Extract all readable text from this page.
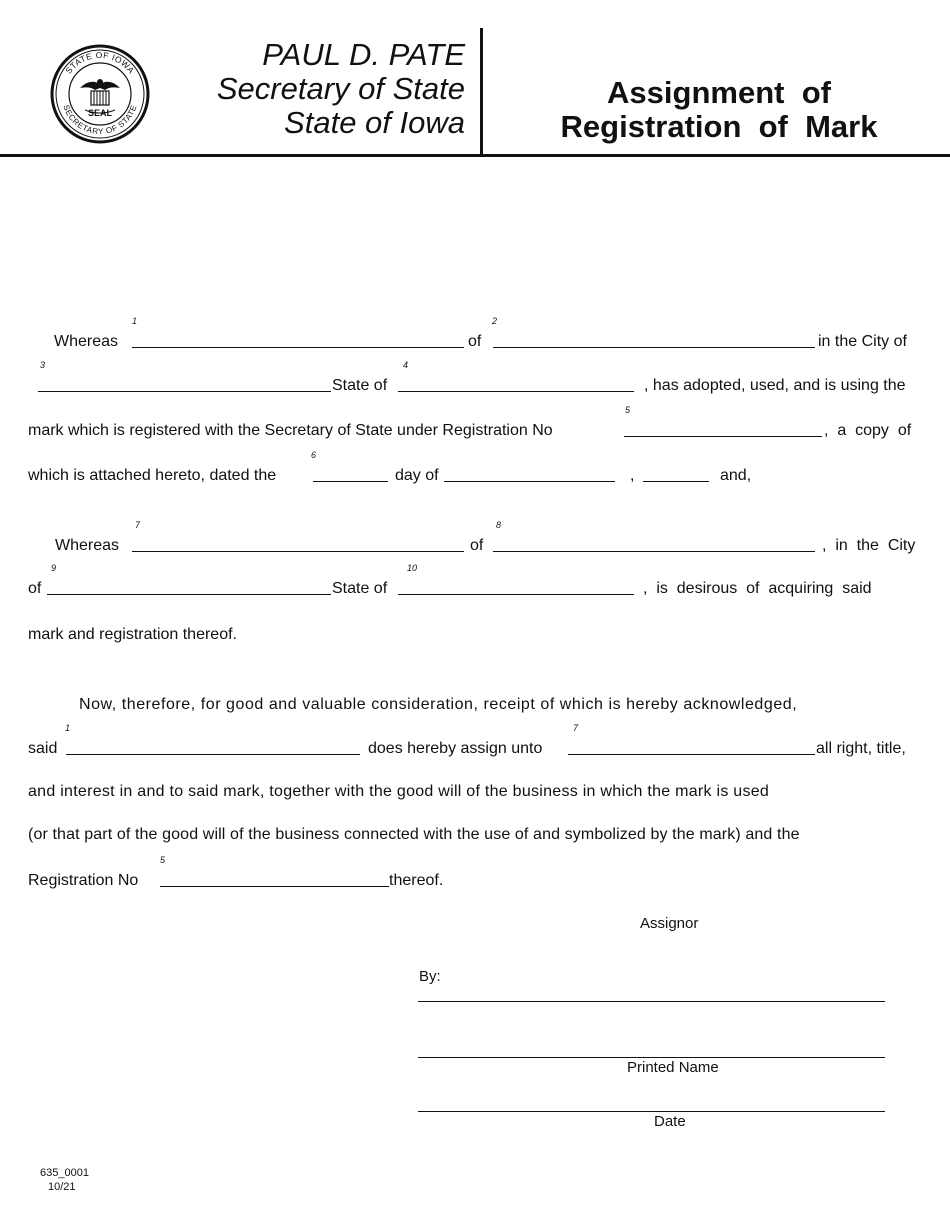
STATE OF IOWA
SECRETARY OF STATE
SEAL
PAUL D. PATE
Secretary of State
State of Iowa
Assignment  of
Registration  of  Mark
Whereas
1
of
2
in the City of
3
State of
4
, has adopted, used, and is using the
mark which is registered with the Secretary of State under Registration No
5
,  a  copy  of
which is attached hereto, dated the
6
day of	,	and,
Whereas
7
of
8
,  in  the  City
of
9
State of
10
,  is  desirous  of  acquiring  said
mark and registration thereof.
Now, therefore, for good and valuable consideration, receipt of which is hereby acknowledged,
said
1
does hereby assign unto
7
all right, title,
and interest in and to said mark, together with the good will of the business in which the mark is used
(or that part of the good will of the business connected with the use of and symbolized by the mark) and the
Registration No
5
thereof.
Assignor
By:
Printed Name
Date
635_0001
10/21
